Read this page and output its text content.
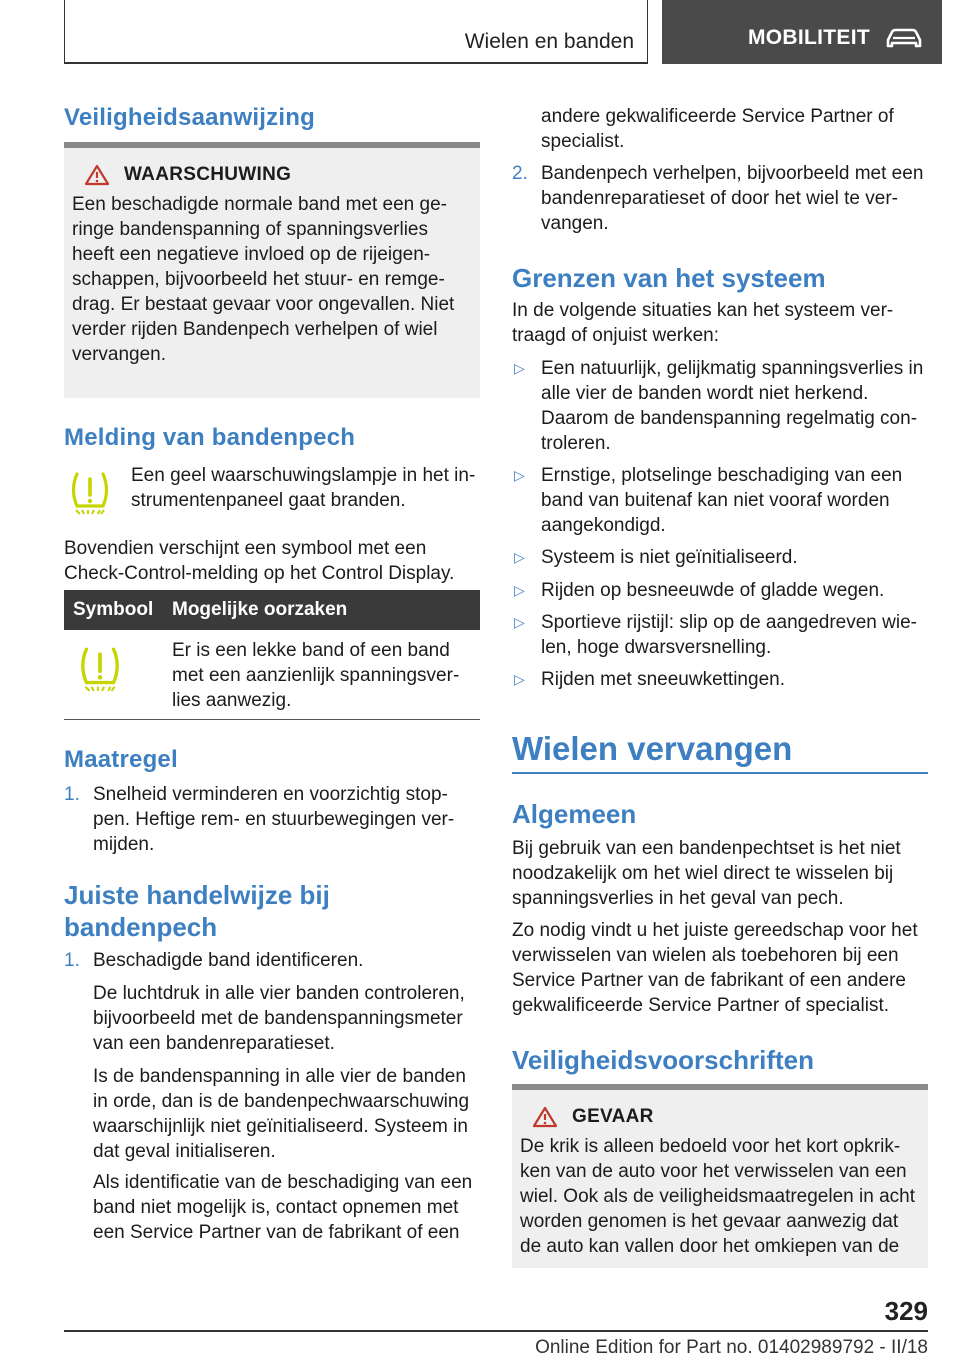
Wielen en banden	MOBILITEIT
Veiligheidsaanwijzing
WAARSCHUWING
Een beschadigde normale band met een ge-ringe bandenspanning of spanningsverlies heeft een negatieve invloed op de rijeigen-schappen, bijvoorbeeld het stuur- en remge-drag. Er bestaat gevaar voor ongevallen. Niet verder rijden Bandenpech verhelpen of wiel vervangen.
Melding van bandenpech
Een geel waarschuwingslampje in het in-strumentenpaneel gaat branden.
Bovendien verschijnt een symbool met een Check-Control-melding op het Control Display.
Symbool Mogelijke oorzaken
Er is een lekke band of een band met een aanzienlijk spanningsver-lies aanwezig.
Maatregel
1. Snelheid verminderen en voorzichtig stop-pen. Heftige rem- en stuurbewegingen ver-mijden.
Juiste handelwijze bij bandenpech
1. Beschadigde band identificeren.
De luchtdruk in alle vier banden controleren, bijvoorbeeld met de bandenspanningsmeter van een bandenreparatieset.
Is de bandenspanning in alle vier de banden in orde, dan is de bandenpechwaarschuwing waarschijnlijk niet geïnitialiseerd. Systeem in dat geval initialiseren.
Als identificatie van de beschadiging van een band niet mogelijk is, contact opnemen met een Service Partner van de fabrikant of een
andere gekwalificeerde Service Partner of specialist.
2. Bandenpech verhelpen, bijvoorbeeld met een bandenreparatieset of door het wiel te ver-vangen.
Grenzen van het systeem
In de volgende situaties kan het systeem ver-traagd of onjuist werken:
▷ Een natuurlijk, gelijkmatig spanningsverlies in alle vier de banden wordt niet herkend. Daarom de bandenspanning regelmatig con-troleren.
▷ Ernstige, plotselinge beschadiging van een band van buitenaf kan niet vooraf worden aangekondigd.
▷ Systeem is niet geïnitialiseerd.
▷ Rijden op besneeuwde of gladde wegen.
▷ Sportieve rijstijl: slip op de aangedreven wie-len, hoge dwarsversnelling.
▷ Rijden met sneeuwkettingen.
Wielen vervangen
Algemeen
Bij gebruik van een bandenpechtset is het niet noodzakelijk om het wiel direct te wisselen bij spanningsverlies in het geval van pech.
Zo nodig vindt u het juiste gereedschap voor het verwisselen van wielen als toebehoren bij een Service Partner van de fabrikant of een andere gekwalificeerde Service Partner of specialist.
Veiligheidsvoorschriften
GEVAAR
De krik is alleen bedoeld voor het kort opkrik-ken van de auto voor het verwisselen van een wiel. Ook als de veiligheidsmaatregelen in acht worden genomen is het gevaar aanwezig dat de auto kan vallen door het omkiepen van de
329
Online Edition for Part no. 01402989792 - II/18
